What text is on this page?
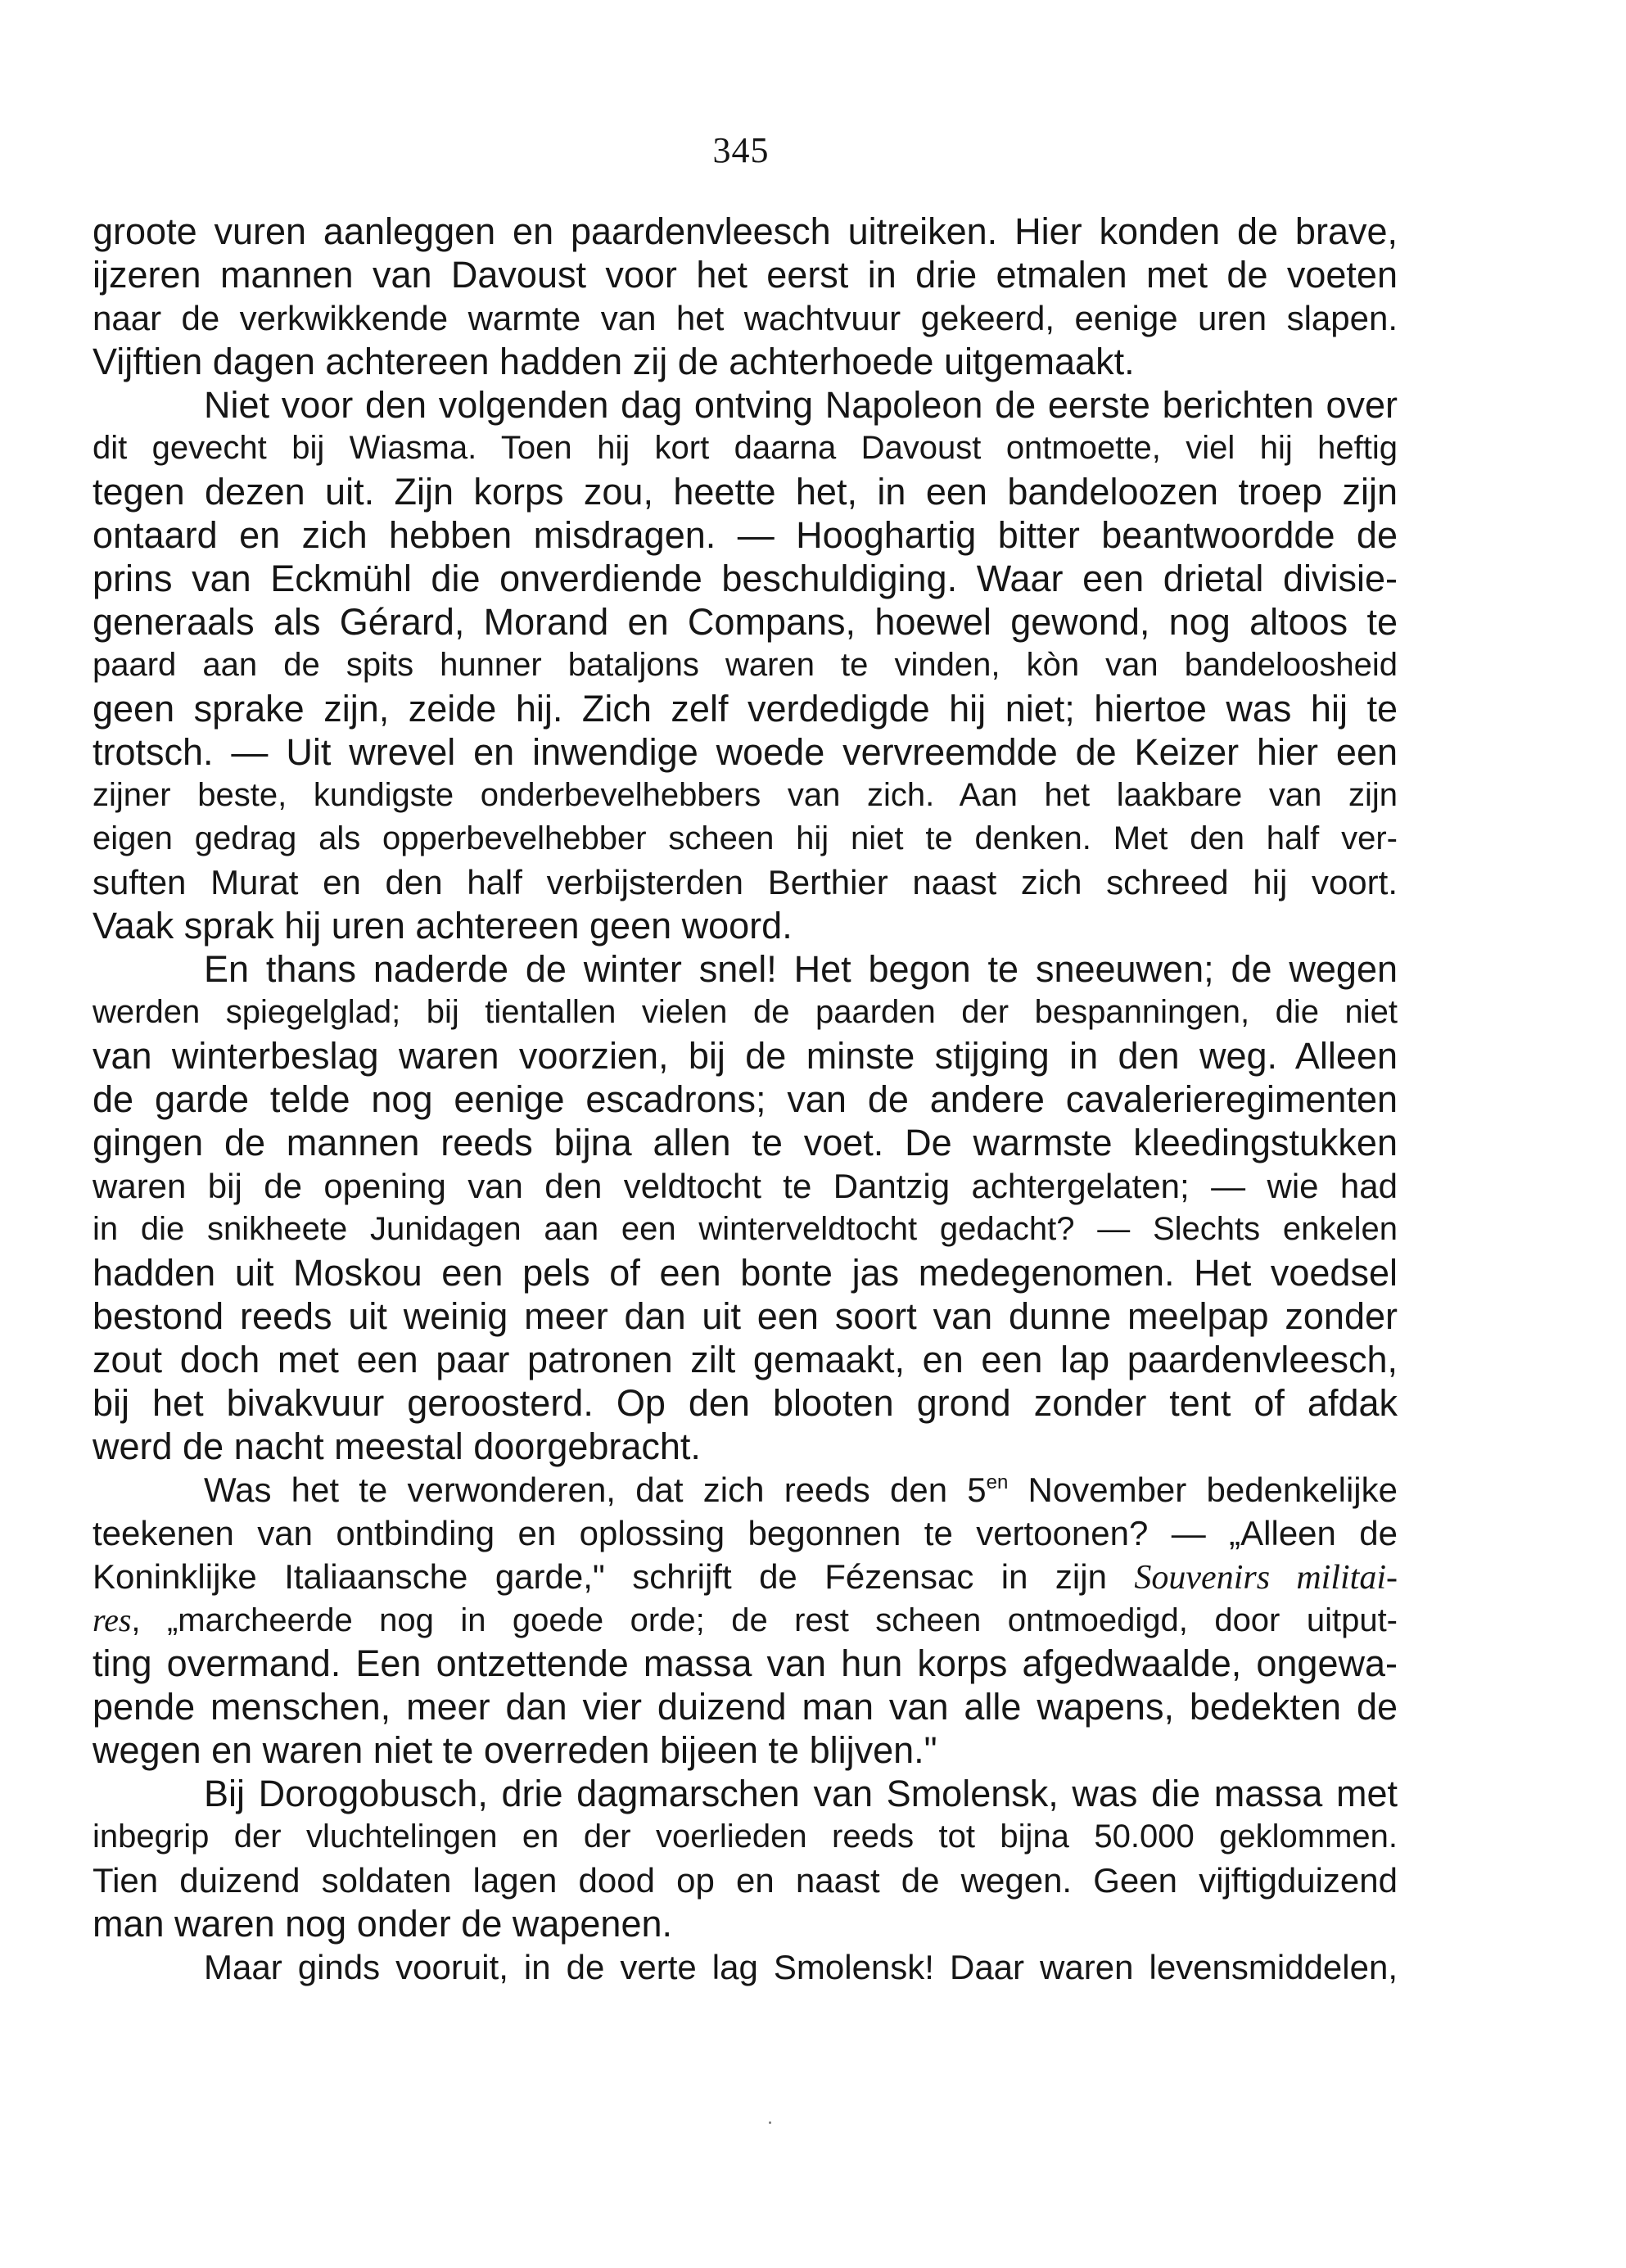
345
groote vuren aanleggen en paardenvleesch uitreiken. Hier konden de brave,
ijzeren mannen van Davoust voor het eerst in drie etmalen met de voeten
naar de verkwikkende warmte van het wachtvuur gekeerd, eenige uren slapen.
Vijftien dagen achtereen hadden zij de achterhoede uitgemaakt.
Niet voor den volgenden dag ontving Napoleon de eerste berichten over
dit gevecht bij Wiasma. Toen hij kort daarna Davoust ontmoette, viel hij heftig
tegen dezen uit. Zijn korps zou, heette het, in een bandeloozen troep zijn
ontaard en zich hebben misdragen. — Hooghartig bitter beantwoordde de
prins van Eckmühl die onverdiende beschuldiging. Waar een drietal divisie-
generaals als Gérard, Morand en Compans, hoewel gewond, nog altoos te
paard aan de spits hunner bataljons waren te vinden, kòn van bandeloosheid
geen sprake zijn, zeide hij. Zich zelf verdedigde hij niet; hiertoe was hij te
trotsch. — Uit wrevel en inwendige woede vervreemdde de Keizer hier een
zijner beste, kundigste onderbevelhebbers van zich. Aan het laakbare van zijn
eigen gedrag als opperbevelhebber scheen hij niet te denken. Met den half ver-
suften Murat en den half verbijsterden Berthier naast zich schreed hij voort.
Vaak sprak hij uren achtereen geen woord.
En thans naderde de winter snel! Het begon te sneeuwen; de wegen
werden spiegelglad; bij tientallen vielen de paarden der bespanningen, die niet
van winterbeslag waren voorzien, bij de minste stijging in den weg. Alleen
de garde telde nog eenige escadrons; van de andere cavalerieregimenten
gingen de mannen reeds bijna allen te voet. De warmste kleedingstukken
waren bij de opening van den veldtocht te Dantzig achtergelaten; — wie had
in die snikheete Junidagen aan een winterveldtocht gedacht? — Slechts enkelen
hadden uit Moskou een pels of een bonte jas medegenomen. Het voedsel
bestond reeds uit weinig meer dan uit een soort van dunne meelpap zonder
zout doch met een paar patronen zilt gemaakt, en een lap paardenvleesch,
bij het bivakvuur geroosterd. Op den blooten grond zonder tent of afdak
werd de nacht meestal doorgebracht.
Was het te verwonderen, dat zich reeds den $5^{en}$ November bedenkelijke
teekenen van ontbinding en oplossing begonnen te vertoonen? — „Alleen de
Koninklijke Italiaansche garde," schrijft de Fézensac in zijn Souvenirs militai-
res, „marcheerde nog in goede orde; de rest scheen ontmoedigd, door uitput-
ting overmand. Een ontzettende massa van hun korps afgedwaalde, ongewa-
pende menschen, meer dan vier duizend man van alle wapens, bedekten de
wegen en waren niet te overreden bijeen te blijven."
Bij Dorogobusch, drie dagmarschen van Smolensk, was die massa met
inbegrip der vluchtelingen en der voerlieden reeds tot bijna 50.000 geklommen.
Tien duizend soldaten lagen dood op en naast de wegen. Geen vijftigduizend
man waren nog onder de wapenen.
Maar ginds vooruit, in de verte lag Smolensk! Daar waren levensmiddelen,
